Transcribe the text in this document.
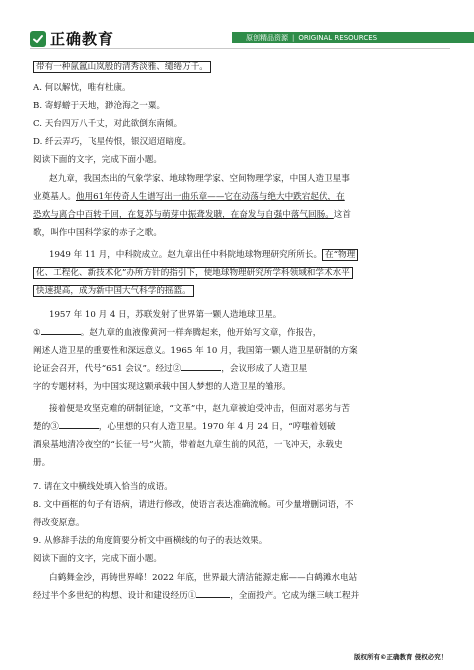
正确教育	原创精品资源 | ORIGINAL RESOURCES
带有一种氤氲山岚般的清秀淡雅、缱绻万千。
A. 何以解忧，唯有杜康。
B. 寄蜉蝣于天地，渺沧海之一粟。
C. 天台四万八千丈，对此欲倒东南倾。
D. 纤云弄巧，飞星传恨，银汉迢迢暗度。
阅读下面的文字，完成下面小题。
赵九章，我国杰出的气象学家、地球物理学家、空间物理学家，中国人造卫星事
业奠基人。他用61年传奇人生谱写出一曲乐章——它在动荡与绝大中跌宕起伏，在
恐欢与离合中百转千回，在复苏与萌芽中振聋发聩，在奋发与自强中落气回肠。这首
歌，叫作中国科学家的赤子之歌。
1949 年 11 月，中科院成立。赵九章出任中科院地球物理研究所所长。 在“物理
化、工程化、新技术化”办所方针的指引下，使地球物理研究所学科领域和学术水平
快速提高，成为新中国大气科学的摇篮。
1957 年 10 月 4 日，苏联发射了世界第一颗人造地球卫星。
①	。赵九章的血液像黄河一样奔腾起来，他开始写文章，作报告，
阐述人造卫星的重要性和深远意义。1965 年 10 月，我国第一颗人造卫星研制的方案
论证会召开，代号“651 会议”。经过②	，会议形成了人造卫星
字的专题材料，为中国实现这颗承载中国人梦想的人造卫星的雏形。
接着便是攻坚克难的研制征途，“文革”中，赵九章被迫受冲击，但面对恶劣与苦
楚的③	，心里想的只有人造卫星。1970 年 4 月 24 日，“哼嗤着划破
酒泉基地清冷夜空的“长征一号”火箭，带着赵九章生前的风范，一飞冲天，永载史
册。
7. 请在文中横线处填入恰当的成语。
8. 文中画框的句子有语病，请进行修改，使语言表达准确流畅。可少量增删词语，不
得改变原意。
9. 从修辞手法的角度简要分析文中画横线的句子的表达效果。
阅读下面的文字，完成下面小题。
白鹤舞金沙，再铸世界峰！2022 年底，世界最大清洁能源走廊——白鹤滩水电站
经过半个多世纪的构想、设计和建设经历①	，全面投产。它成为继三峡工程并
版权所有©正确教育 侵权必究！
